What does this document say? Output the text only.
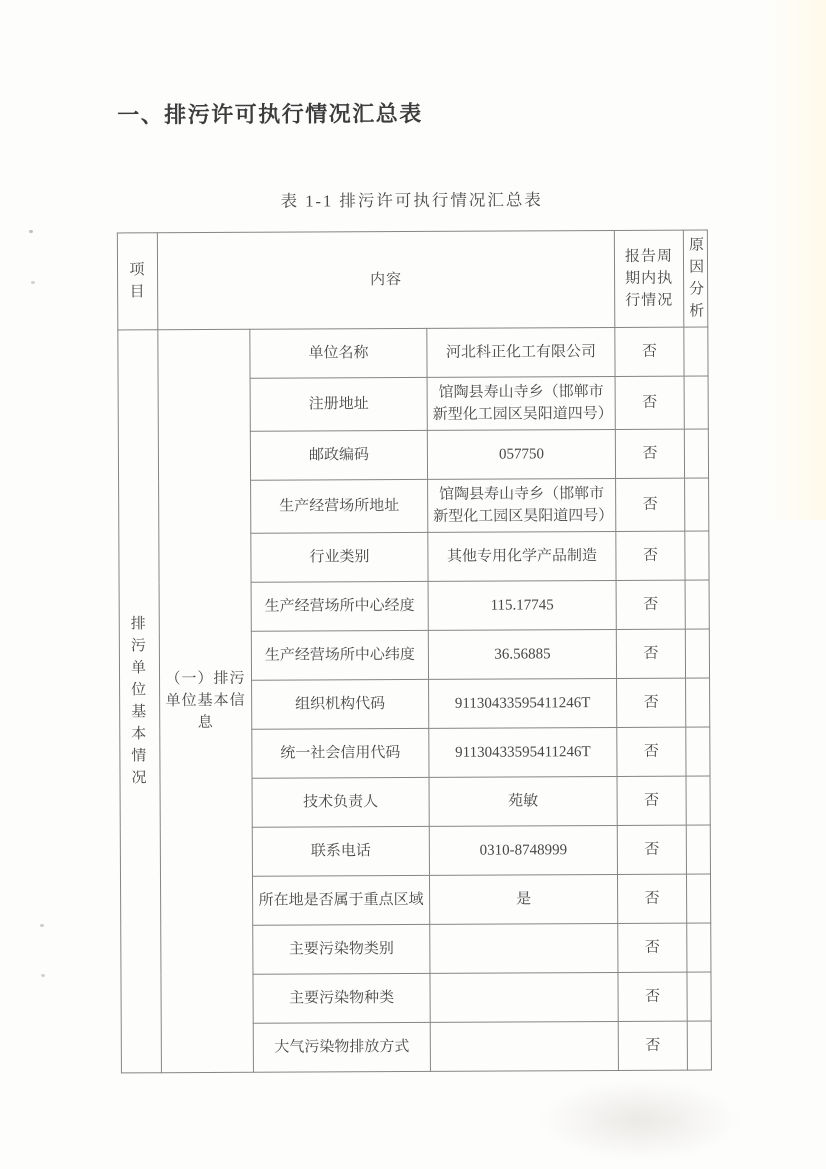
一、排污许可执行情况汇总表
表 1-1 排污许可执行情况汇总表
项目	内容			报告周期内执行情况	原因分析
排污单位基本情况	（一）排污单位基本信息	单位名称	河北科正化工有限公司	否	
		注册地址	馆陶县寿山寺乡（邯郸市新型化工园区吴阳道四号）	否	
		邮政编码	057750	否	
		生产经营场所地址	馆陶县寿山寺乡（邯郸市新型化工园区昊阳道四号）	否	
		行业类别	其他专用化学产品制造	否	
		生产经营场所中心经度	115.17745	否	
		生产经营场所中心纬度	36.56885	否	
		组织机构代码	91130433595411246T	否	
		统一社会信用代码	91130433595411246T	否	
		技术负责人	苑敏	否	
		联系电话	0310-8748999	否	
		所在地是否属于重点区域	是	否	
		主要污染物类别		否	
		主要污染物种类		否	
		大气污染物排放方式		否	
